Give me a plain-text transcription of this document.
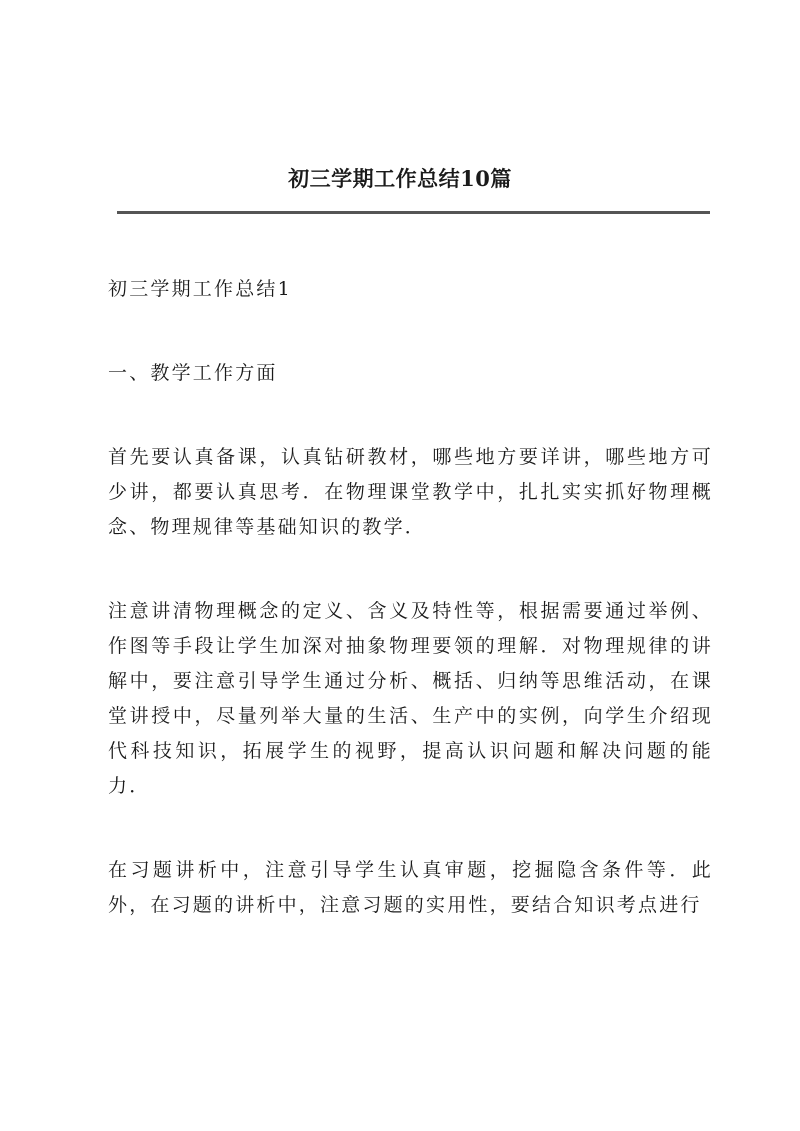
初三学期工作总结10篇

初三学期工作总结1

一、教学工作方面

首先要认真备课，认真钻研教材，哪些地方要详讲，哪些地方可少讲，都要认真思考．在物理课堂教学中，扎扎实实抓好物理概念、物理规律等基础知识的教学．

注意讲清物理概念的定义、含义及特性等，根据需要通过举例、作图等手段让学生加深对抽象物理要领的理解．对物理规律的讲解中，要注意引导学生通过分析、概括、归纳等思维活动，在课堂讲授中，尽量列举大量的生活、生产中的实例，向学生介绍现代科技知识，拓展学生的视野，提高认识问题和解决问题的能力．

在习题讲析中，注意引导学生认真审题，挖掘隐含条件等．此外，在习题的讲析中，注意习题的实用性，要结合知识考点进行
